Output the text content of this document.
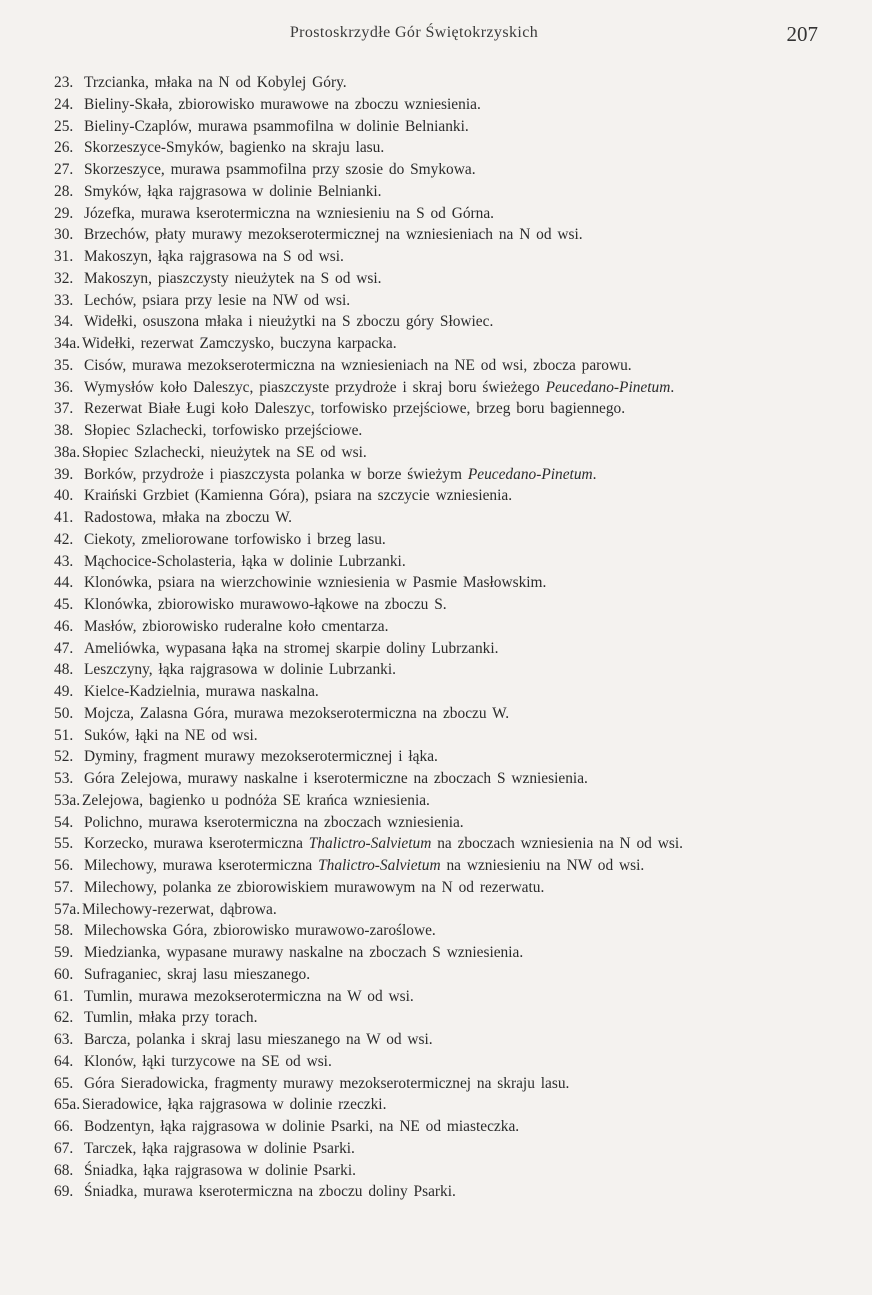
Prostoskrzydłe Gór Świętokrzyskich	207
23. Trzcianka, młaka na N od Kobylej Góry.
24. Bieliny-Skała, zbiorowisko murawowe na zboczu wzniesienia.
25. Bieliny-Czaplów, murawa psammofilna w dolinie Belnianki.
26. Skorzeszyce-Smyków, bagienko na skraju lasu.
27. Skorzeszyce, murawa psammofilna przy szosie do Smykowa.
28. Smyków, łąka rajgrasowa w dolinie Belnianki.
29. Józefka, murawa kserotermiczna na wzniesieniu na S od Górna.
30. Brzechów, płaty murawy mezokserotermicznej na wzniesieniach na N od wsi.
31. Makoszyn, łąka rajgrasowa na S od wsi.
32. Makoszyn, piaszczysty nieużytek na S od wsi.
33. Lechów, psiara przy lesie na NW od wsi.
34. Widełki, osuszona młaka i nieużytki na S zboczu góry Słowiec.
34a. Widełki, rezerwat Zamczysko, buczyna karpacka.
35. Cisów, murawa mezokserotermiczna na wzniesieniach na NE od wsi, zbocza parowu.
36. Wymysłów koło Daleszyc, piaszczyste przydroże i skraj boru świeżego Peucedano-Pinetum.
37. Rezerwat Białe Ługi koło Daleszyc, torfowisko przejściowe, brzeg boru bagiennego.
38. Słopiec Szlachecki, torfowisko przejściowe.
38a. Słopiec Szlachecki, nieużytek na SE od wsi.
39. Borków, przydroże i piaszczysta polanka w borze świeżym Peucedano-Pinetum.
40. Kraiński Grzbiet (Kamienna Góra), psiara na szczycie wzniesienia.
41. Radostowa, młaka na zboczu W.
42. Ciekoty, zmeliorowane torfowisko i brzeg lasu.
43. Mąchocice-Scholasteria, łąka w dolinie Lubrzanki.
44. Klonówka, psiara na wierzchowinie wzniesienia w Pasmie Masłowskim.
45. Klonówka, zbiorowisko murawowo-łąkowe na zboczu S.
46. Masłów, zbiorowisko ruderalne koło cmentarza.
47. Ameliówka, wypasana łąka na stromej skarpie doliny Lubrzanki.
48. Leszczyny, łąka rajgrasowa w dolinie Lubrzanki.
49. Kielce-Kadzielnia, murawa naskalna.
50. Mojcza, Zalasna Góra, murawa mezokserotermiczna na zboczu W.
51. Suków, łąki na NE od wsi.
52. Dyminy, fragment murawy mezokserotermicznej i łąka.
53. Góra Zelejowa, murawy naskalne i kserotermiczne na zboczach S wzniesienia.
53a. Zelejowa, bagienko u podnóża SE krańca wzniesienia.
54. Polichno, murawa kserotermiczna na zboczach wzniesienia.
55. Korzecko, murawa kserotermiczna Thalictro-Salvietum na zboczach wzniesienia na N od wsi.
56. Milechowy, murawa kserotermiczna Thalictro-Salvietum na wzniesieniu na NW od wsi.
57. Milechowy, polanka ze zbiorowiskiem murawowym na N od rezerwatu.
57a. Milechowy-rezerwat, dąbrowa.
58. Milechowska Góra, zbiorowisko murawowo-zaroślowe.
59. Miedzianka, wypasane murawy naskalne na zboczach S wzniesienia.
60. Sufraganiec, skraj lasu mieszanego.
61. Tumlin, murawa mezokserotermiczna na W od wsi.
62. Tumlin, młaka przy torach.
63. Barcza, polanka i skraj lasu mieszanego na W od wsi.
64. Klonów, łąki turzycowe na SE od wsi.
65. Góra Sieradowicka, fragmenty murawy mezokserotermicznej na skraju lasu.
65a. Sieradowice, łąka rajgrasowa w dolinie rzeczki.
66. Bodzentyn, łąka rajgrasowa w dolinie Psarki, na NE od miasteczka.
67. Tarczek, łąka rajgrasowa w dolinie Psarki.
68. Śniadka, łąka rajgrasowa w dolinie Psarki.
69. Śniadka, murawa kserotermiczna na zboczu doliny Psarki.
